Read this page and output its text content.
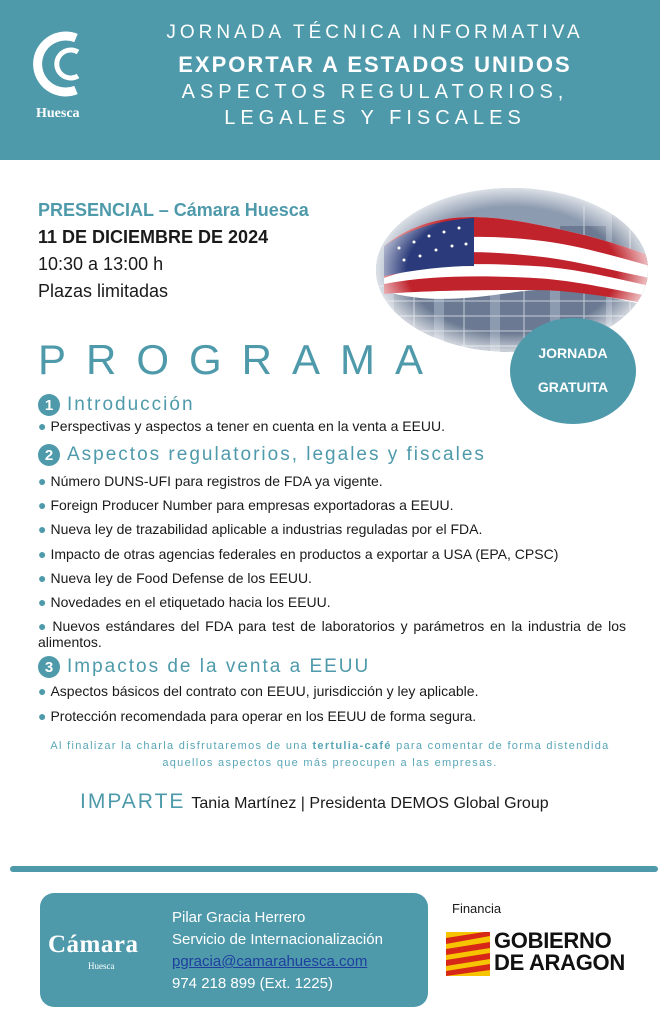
Huesca
JORNADA TÉCNICA INFORMATIVA
EXPORTAR A ESTADOS UNIDOS
ASPECTOS REGULATORIOS,
LEGALES Y FISCALES
PRESENCIAL – Cámara Huesca
11 DE DICIEMBRE DE 2024
10:30 a 13:00 h
Plazas limitadas
JORNADA
GRATUITA
PROGRAMA
1 Introducción
● Perspectivas y aspectos a tener en cuenta en la venta a EEUU.
2 Aspectos regulatorios, legales y fiscales
● Número DUNS-UFI para registros de FDA ya vigente.
● Foreign Producer Number para empresas exportadoras a EEUU.
● Nueva ley de trazabilidad aplicable a industrias reguladas por el FDA.
● Impacto de otras agencias federales en productos a exportar a USA (EPA, CPSC)
● Nueva ley de Food Defense de los EEUU.
● Novedades en el etiquetado hacia los EEUU.
● Nuevos estándares del FDA para test de laboratorios y parámetros en la industria de los alimentos.
3 Impactos de la venta a EEUU
● Aspectos básicos del contrato con EEUU, jurisdicción y ley aplicable.
● Protección recomendada para operar en los EEUU de forma segura.
Al finalizar la charla disfrutaremos de una tertulia-café para comentar de forma distendida aquellos aspectos que más preocupen a las empresas.
IMPARTE Tania Martínez | Presidenta DEMOS Global Group
Cámara
Huesca
Pilar Gracia Herrero
Servicio de Internacionalización
pgracia@camarahuesca.com
974 218 899 (Ext. 1225)
Financia
GOBIERNO
DE ARAGON
